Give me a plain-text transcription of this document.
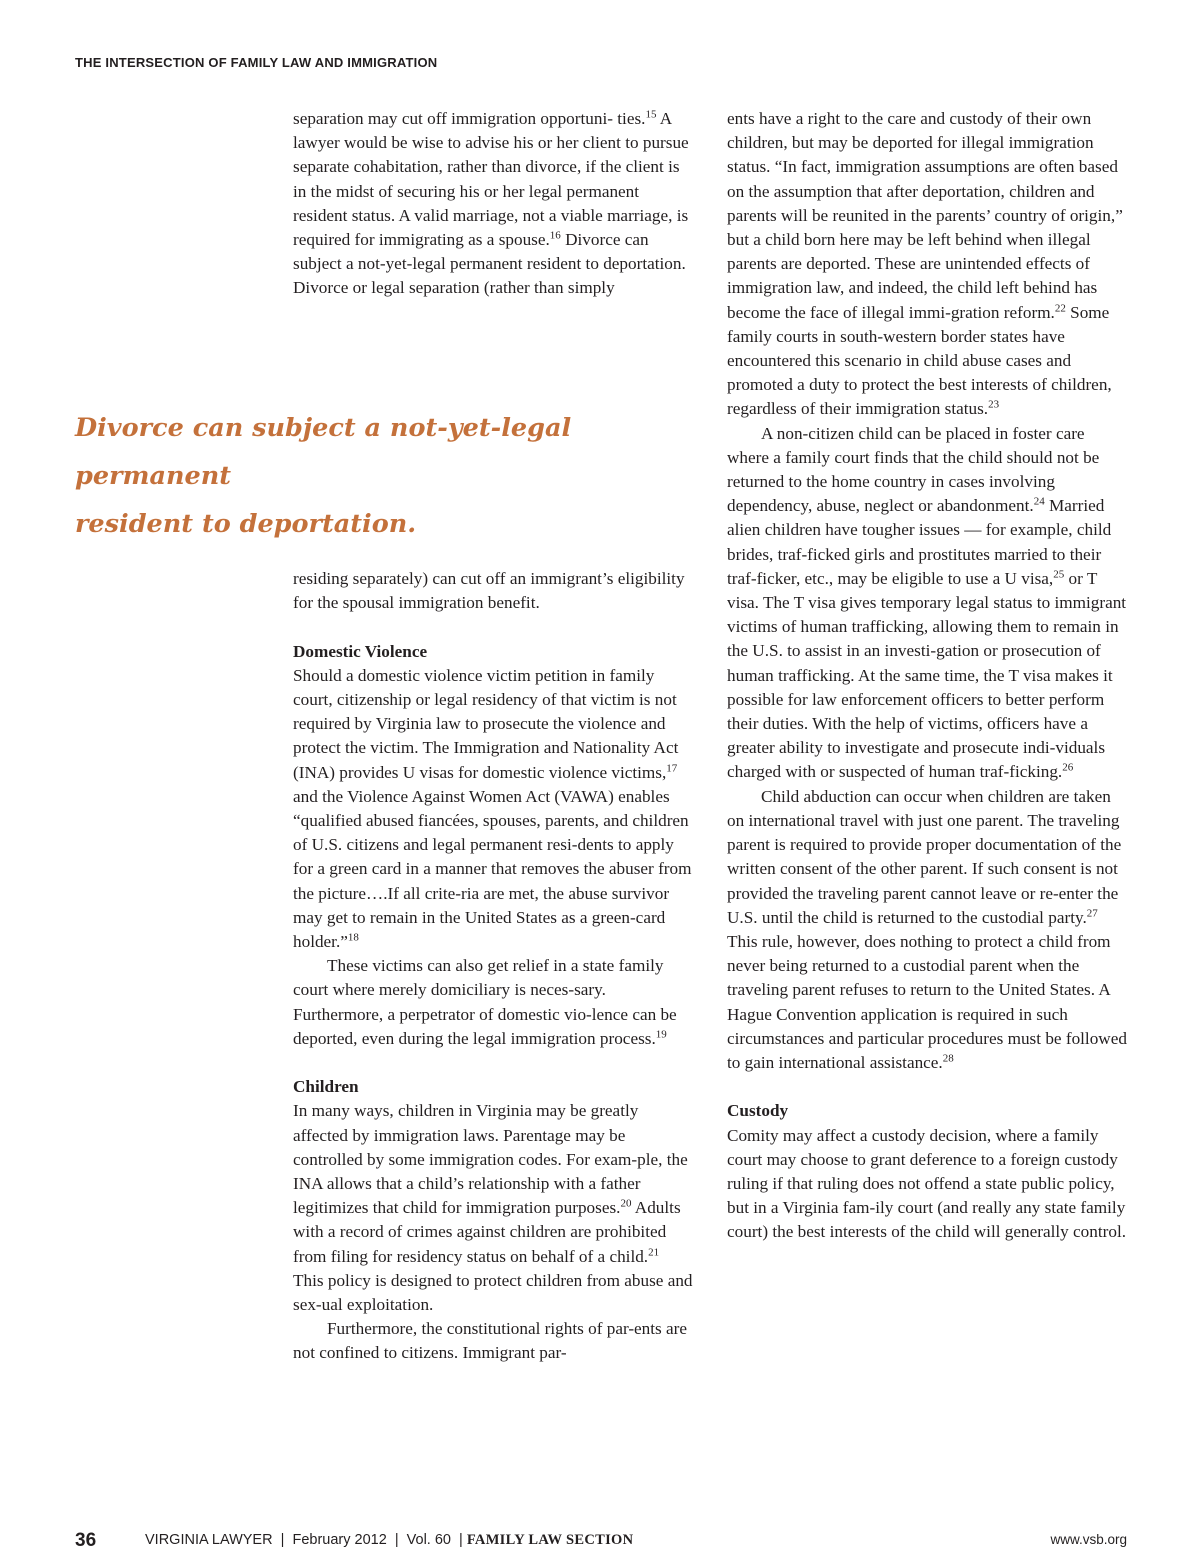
THE INTERSECTION OF FAMILY LAW AND IMMIGRATION

separation may cut off immigration opportuni- ties.$^{15}$ A lawyer would be wise to advise his or her client to pursue separate cohabitation, rather than divorce, if the client is in the midst of securing his or her legal permanent resident status. A valid marriage, not a viable marriage, is required for immigrating as a spouse.$^{16}$ Divorce can subject a not-yet-legal permanent resident to deportation. Divorce or legal separation (rather than simply

Divorce can subject a not-yet-legal permanent
resident to deportation.

residing separately) can cut off an immigrant’s eligibility for the spousal immigration benefit.

Domestic Violence

Should a domestic violence victim petition in family court, citizenship or legal residency of that victim is not required by Virginia law to prosecute the violence and protect the victim. The Immigration and Nationality Act (INA) provides U visas for domestic violence victims,$^{17}$ and the Violence Against Women Act (VAWA) enables “qualified abused fiancées, spouses, parents, and children of U.S. citizens and legal permanent resi-dents to apply for a green card in a manner that removes the abuser from the picture….If all crite-ria are met, the abuse survivor may get to remain in the United States as a green-card holder.”$^{18}$

These victims can also get relief in a state family court where merely domiciliary is neces-sary. Furthermore, a perpetrator of domestic vio-lence can be deported, even during the legal immigration process.$^{19}$

Children

In many ways, children in Virginia may be greatly affected by immigration laws. Parentage may be controlled by some immigration codes. For exam-ple, the INA allows that a child’s relationship with a father legitimizes that child for immigration purposes.$^{20}$ Adults with a record of crimes against children are prohibited from filing for residency status on behalf of a child.$^{21}$ This policy is designed to protect children from abuse and sex-ual exploitation.

Furthermore, the constitutional rights of par-ents are not confined to citizens. Immigrant par-

ents have a right to the care and custody of their own children, but may be deported for illegal immigration status. “In fact, immigration assumptions are often based on the assumption that after deportation, children and parents will be reunited in the parents’ country of origin,” but a child born here may be left behind when illegal parents are deported. These are unintended effects of immigration law, and indeed, the child left behind has become the face of illegal immi-gration reform.$^{22}$ Some family courts in south-western border states have encountered this scenario in child abuse cases and promoted a duty to protect the best interests of children, regardless of their immigration status.$^{23}$

A non-citizen child can be placed in foster care where a family court finds that the child should not be returned to the home country in cases involving dependency, abuse, neglect or abandonment.$^{24}$ Married alien children have tougher issues — for example, child brides, traf-ficked girls and prostitutes married to their traf-ficker, etc., may be eligible to use a U visa,$^{25}$ or T visa. The T visa gives temporary legal status to immigrant victims of human trafficking, allowing them to remain in the U.S. to assist in an investi-gation or prosecution of human trafficking. At the same time, the T visa makes it possible for law enforcement officers to better perform their duties. With the help of victims, officers have a greater ability to investigate and prosecute indi-viduals charged with or suspected of human traf-ficking.$^{26}$

Child abduction can occur when children are taken on international travel with just one parent. The traveling parent is required to provide proper documentation of the written consent of the other parent. If such consent is not provided the traveling parent cannot leave or re-enter the U.S. until the child is returned to the custodial party.$^{27}$ This rule, however, does nothing to protect a child from never being returned to a custodial parent when the traveling parent refuses to return to the United States. A Hague Convention application is required in such circumstances and particular procedures must be followed to gain international assistance.$^{28}$

Custody

Comity may affect a custody decision, where a family court may choose to grant deference to a foreign custody ruling if that ruling does not offend a state public policy, but in a Virginia fam-ily court (and really any state family court) the best interests of the child will generally control.

36	VIRGINIA LAWYER  |  February 2012  |  Vol. 60  | FAMILY LAW SECTION	www.vsb.org
